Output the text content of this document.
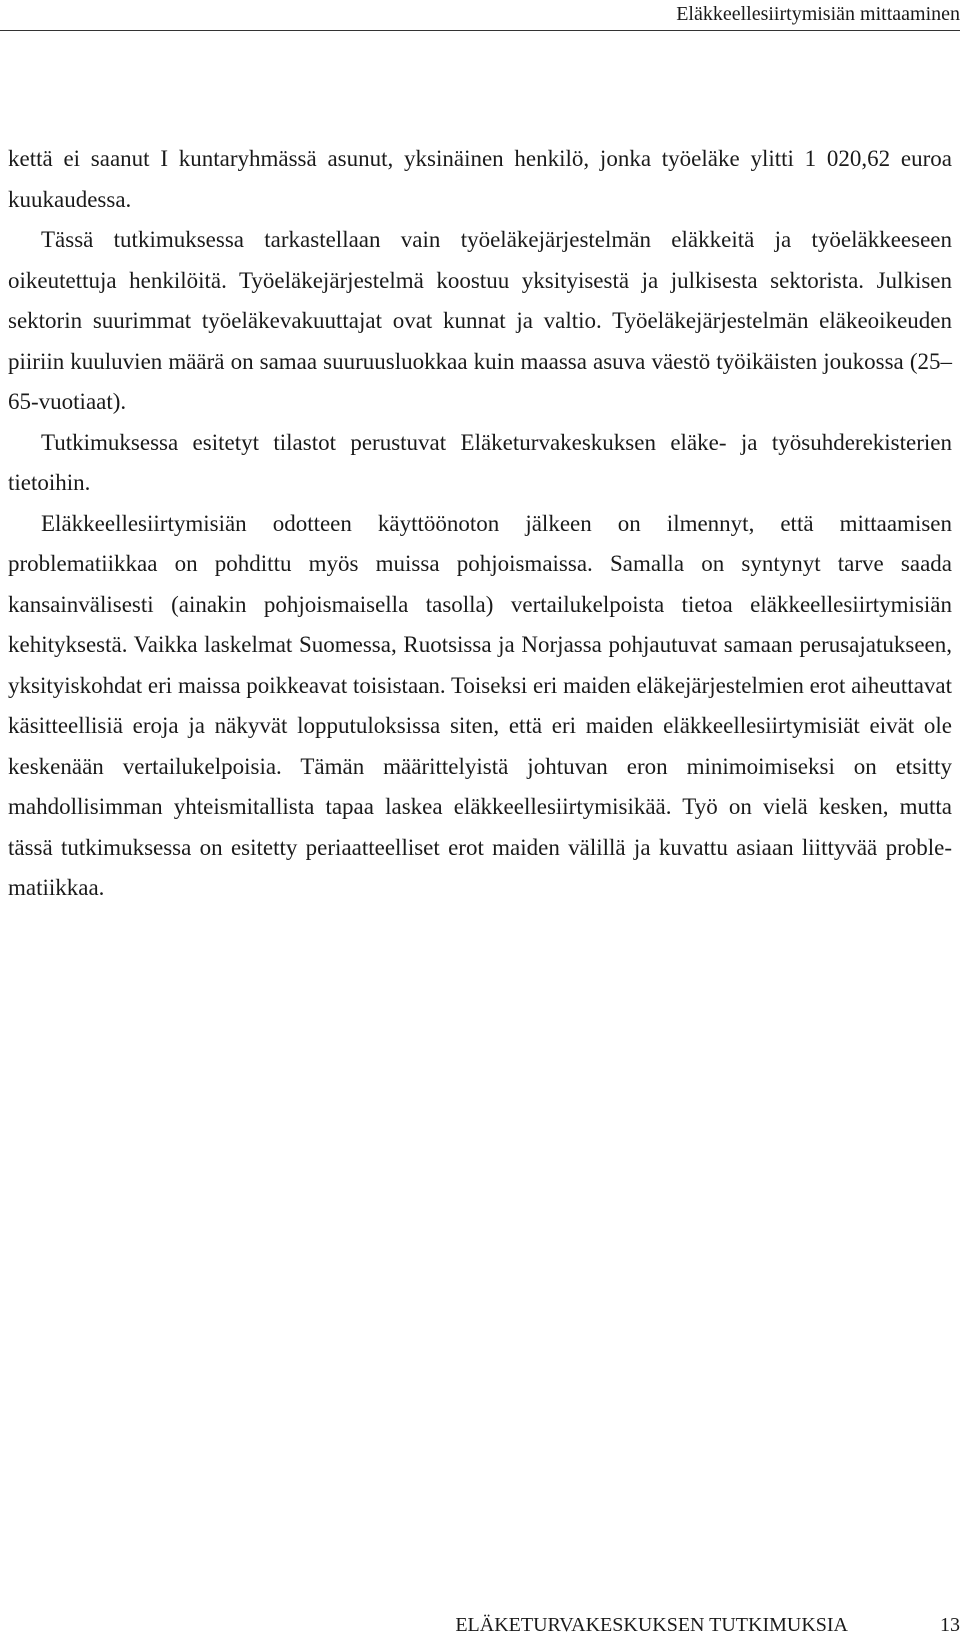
Eläkkeellesiirtymisiän mittaaminen

kettä ei saanut I kuntaryhmässä asunut, yksinäinen henkilö, jonka työeläke ylitti 1 020,62 euroa kuukaudessa.

Tässä tutkimuksessa tarkastellaan vain työeläkejärjestelmän eläkkeitä ja työeläkkeeseen oikeutettuja henkilöitä. Työeläkejärjestelmä koostuu yksityisestä ja julkisesta sektorista. Julkisen sektorin suurimmat työeläkevakuuttajat ovat kunnat ja valtio. Työeläkejärjestelmän eläkeoikeuden piiriin kuuluvien määrä on samaa suuruusluokkaa kuin maassa asuva väestö työikäisten joukossa (25–65-vuotiaat).

Tutkimuksessa esitetyt tilastot perustuvat Eläketurvakeskuksen eläke- ja työsuhderekisterien tietoihin.

Eläkkeellesiirtymisiän odotteen käyttöönoton jälkeen on ilmennyt, että mittaamisen problematiikkaa on pohdittu myös muissa pohjoismaissa. Samalla on syntynyt tarve saada kansainvälisesti (ainakin pohjoismaisella tasolla) vertailukelpoista tietoa eläkkeellesiirtymisiän kehityksestä. Vaikka laskelmat Suomessa, Ruotsissa ja Norjassa pohjautuvat samaan perusajatukseen, yksityiskohdat eri maissa poikkeavat toisistaan. Toiseksi eri maiden eläkejärjestelmien erot aiheuttavat käsitteellisiä eroja ja näkyvät lopputuloksissa siten, että eri maiden eläkkeellesiirtymisiät eivät ole keskenään vertailukelpoisia. Tämän määrittelyistä johtuvan eron minimoimiseksi on etsitty mahdollisimman yhteismitallista tapaa laskea eläkkeellesiirtymisikää. Työ on vielä kesken, mutta tässä tutkimuksessa on esitetty periaatteelliset erot maiden välillä ja kuvattu asiaan liittyvää problematiikkaa.

ELÄKETURVAKESKUKSEN TUTKIMUKSIA	13
